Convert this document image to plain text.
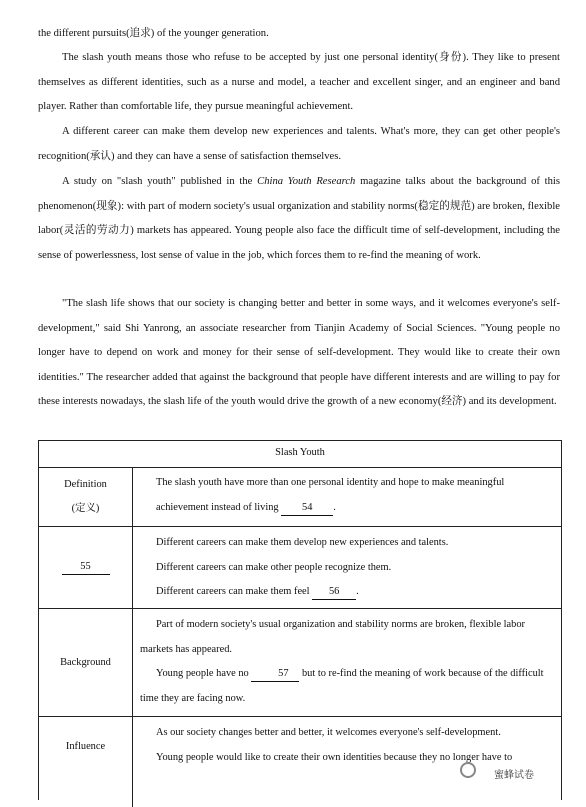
the different pursuits(追求) of the younger generation.

The slash youth means those who refuse to be accepted by just one personal identity(身份). They like to present themselves as different identities, such as a nurse and model, a teacher and excellent singer, and an engineer and band player. Rather than comfortable life, they pursue meaningful achievement.

A different career can make them develop new experiences and talents. What's more, they can get other people's recognition(承认) and they can have a sense of satisfaction themselves.

A study on "slash youth" published in the China Youth Research magazine talks about the background of this phenomenon(现象): with part of modern society's usual organization and stability norms(稳定的规范) are broken, flexible labor(灵活的劳动力) markets has appeared. Young people also face the difficult time of self-development, including the sense of powerlessness, lost sense of value in the job, which forces them to re-find the meaning of work.

"The slash life shows that our society is changing better and better in some ways, and it welcomes everyone's self-development," said Shi Yanrong, an associate researcher from Tianjin Academy of Social Sciences. "Young people no longer have to depend on work and money for their sense of self-development. They would like to create their own identities." The researcher added that against the background that people have different interests and are willing to pay for these interests nowadays, the slash life of the youth would drive the growth of a new economy(经济) and its development.

Slash Youth
Definition
(定义)
The slash youth have more than one personal identity and hope to make meaningful achievement instead of living 54 .
55
Different careers can make them develop new experiences and talents.
Different careers can make other people recognize them.
Different careers can make them feel 56 .
Background
Part of modern society's usual organization and stability norms are broken, flexible labor markets has appeared.
Young people have no	57 but to re-find the meaning of work because of the difficult time they are facing now.
Influence
As our society changes better and better, it welcomes everyone's self-development.
Young people would like to create their own identities because they no longer have to
蜜蜂试卷
